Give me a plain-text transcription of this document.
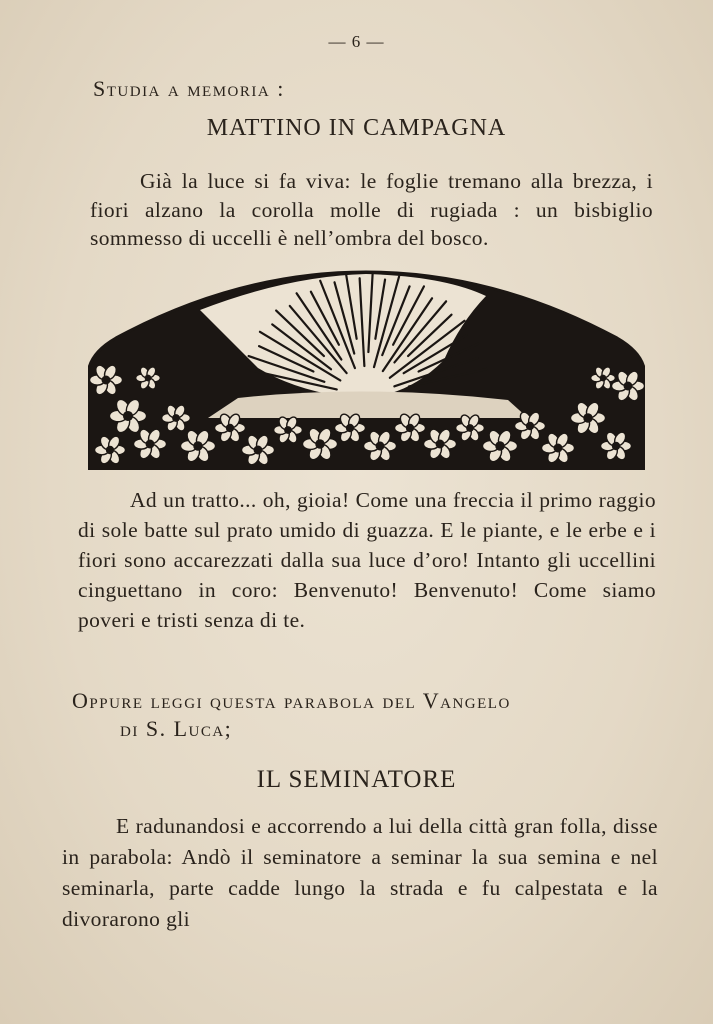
— 6 —
Studia a memoria :
MATTINO IN CAMPAGNA
Già la luce si fa viva: le foglie tremano alla brezza, i fiori alzano la corolla molle di rugiada : un bisbiglio sommesso di uccelli è nell’ombra del bosco.
Ad un tratto... oh, gioia! Come una freccia il primo raggio di sole batte sul prato umido di guazza. E le piante, e le erbe e i fiori sono accarezzati dalla sua luce d’oro! Intanto gli uccellini cinguettano in coro: Benvenuto! Benvenuto! Come siamo poveri e tristi senza di te.
Oppure leggi questa parabola del Vangelo
di S. Luca;
IL SEMINATORE
E radunandosi e accorrendo a lui della città gran folla, disse in parabola: Andò il seminatore a seminar la sua semina e nel seminarla, parte cadde lungo la strada e fu calpestata e la divorarono gli
